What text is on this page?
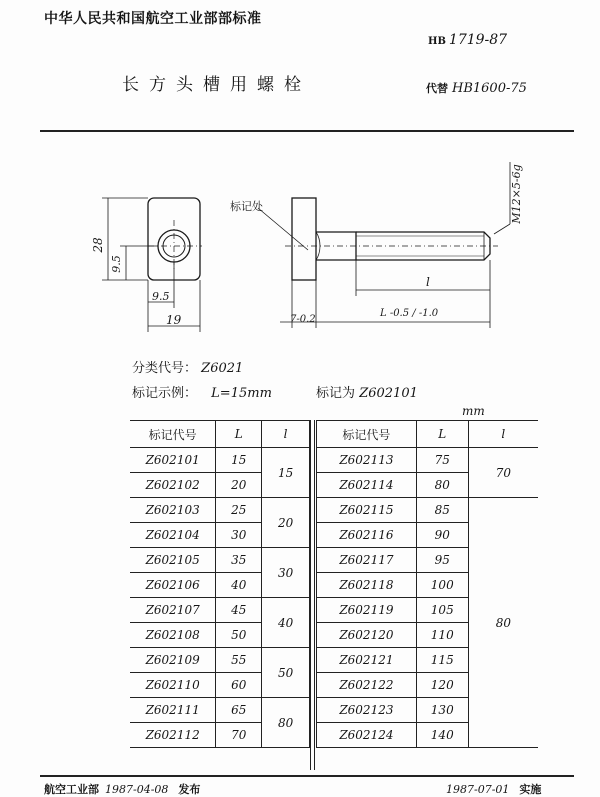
中华人民共和国航空工业部部标准
HB 1719-87
长方头槽用螺栓	代替 HB1600-75
28
9.5
9.5
19	7-0.2
L -0.5 / -1.0
l
M12×5-6g
标记处
分类代号： Z6021
标记示例： L=15mm	标记为 Z602101
mm
标记代号	L	l
Z602101	15	15
Z602102	20	
Z602103	25	20
Z602104	30	
Z602105	35	30
Z602106	40	
Z602107	45	40
Z602108	50	
Z602109	55	50
Z602110	60	
Z602111	65	80
Z602112	70	
标记代号	L	l
Z602113	75	70
Z602114	80	
Z602115	85	80
Z602116	90	
Z602117	95	
Z602118	100	
Z602119	105	
Z602120	110	
Z602121	115	
Z602122	120	
Z602123	130	
Z602124	140	
航空工业部 1987-04-08 发布	1987-07-01 实施
